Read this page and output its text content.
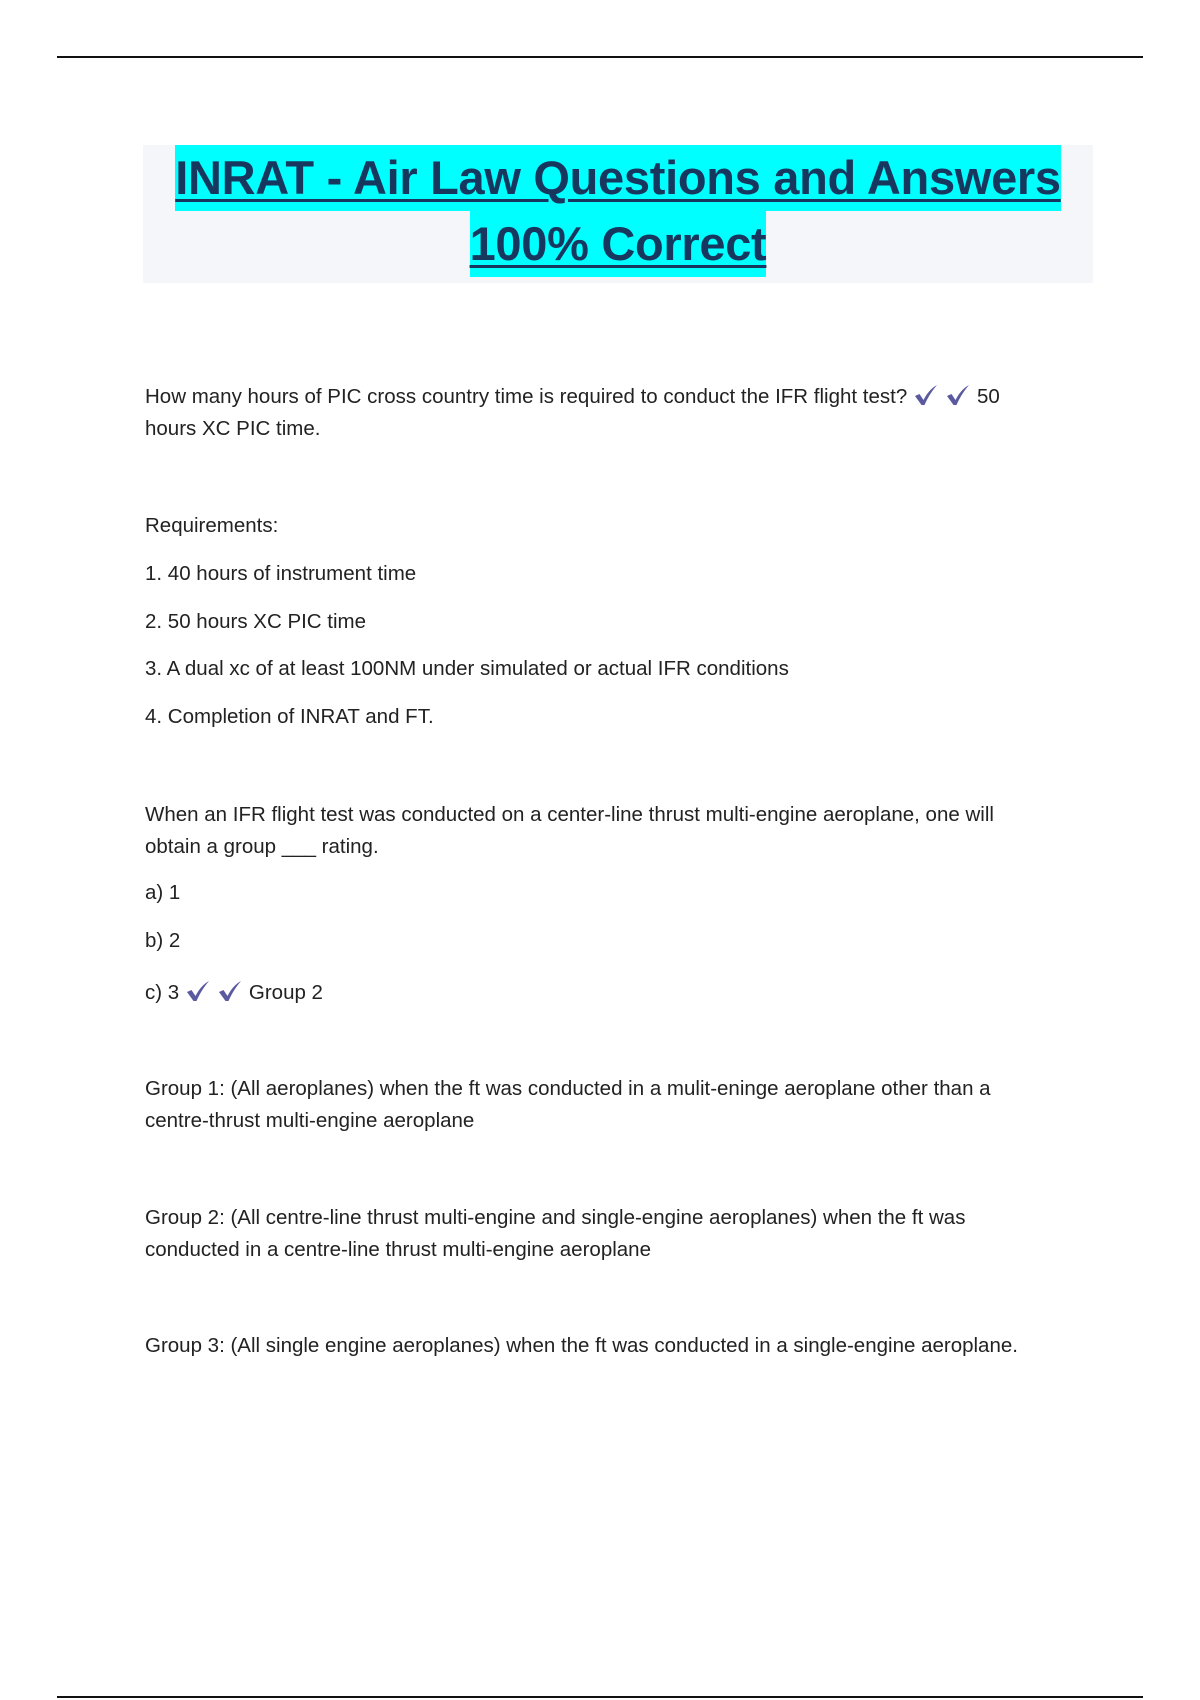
INRAT - Air Law Questions and Answers
100% Correct

How many hours of PIC cross country time is required to conduct the IFR flight test?	50
hours XC PIC time.

Requirements:

1. 40 hours of instrument time

2. 50 hours XC PIC time

3. A dual xc of at least 100NM under simulated or actual IFR conditions

4. Completion of INRAT and FT.

When an IFR flight test was conducted on a center-line thrust multi-engine aeroplane, one will
obtain a group ___ rating.

a) 1

b) 2

c) 3	Group 2

Group 1: (All aeroplanes) when the ft was conducted in a mulit-eninge aeroplane other than a
centre-thrust multi-engine aeroplane

Group 2: (All centre-line thrust multi-engine and single-engine aeroplanes) when the ft was
conducted in a centre-line thrust multi-engine aeroplane

Group 3: (All single engine aeroplanes) when the ft was conducted in a single-engine aeroplane.
